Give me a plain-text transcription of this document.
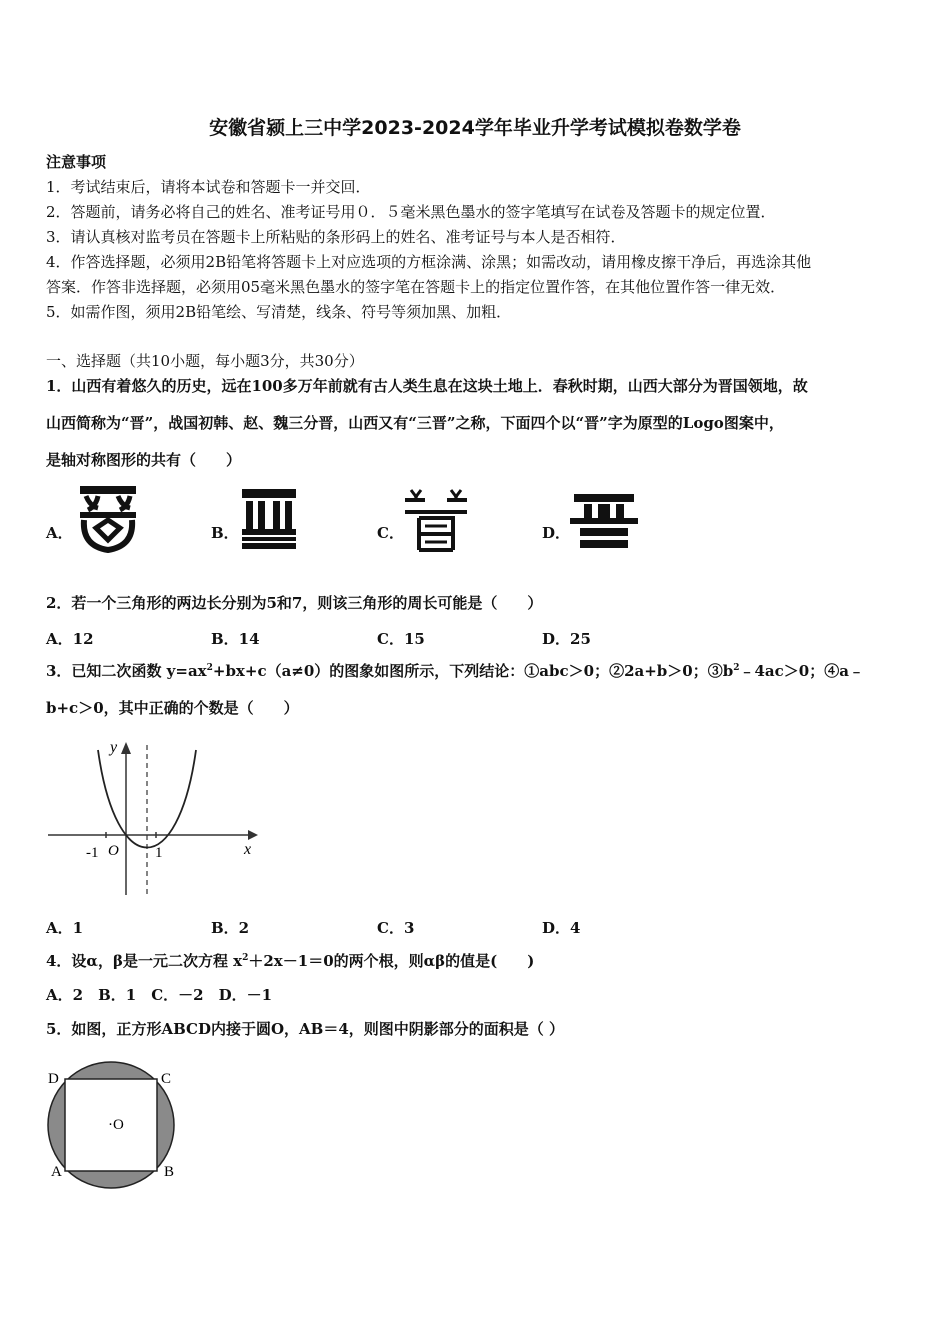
安徽省颍上三中学2023-2024学年毕业升学考试模拟卷数学卷
注意事项
1．考试结束后，请将本试卷和答题卡一并交回．
2．答题前，请务必将自己的姓名、准考证号用０．５毫米黑色墨水的签字笔填写在试卷及答题卡的规定位置．
3．请认真核对监考员在答题卡上所粘贴的条形码上的姓名、准考证号与本人是否相符．
4．作答选择题，必须用2B铅笔将答题卡上对应选项的方框涂满、涂黑；如需改动，请用橡皮擦干净后，再选涂其他
答案．作答非选择题，必须用05毫米黑色墨水的签字笔在答题卡上的指定位置作答，在其他位置作答一律无效．
5．如需作图，须用2B铅笔绘、写清楚，线条、符号等须加黑、加粗．
一、选择题（共10小题，每小题3分，共30分）
1．山西有着悠久的历史，远在100多万年前就有古人类生息在这块土地上．春秋时期，山西大部分为晋国领地，故
山西简称为“晋”，战国初韩、赵、魏三分晋，山西又有“三晋”之称，下面四个以“晋”字为原型的Logo图案中，
是轴对称图形的共有（　　）
A．	B．	C．	D．
2．若一个三角形的两边长分别为5和7，则该三角形的周长可能是（　　）
A．12	B．14	C．15	D．25
3．已知二次函数 $y=ax^2+bx+c(a\ne 0)$的图象如图所示，下列结论：①abc＞0；②2a+b＞0；$③b^2﹣4ac>0$；④a﹣
b+c＞0，其中正确的个数是（　　）
y
x
O
-1	1
A．1	B．2	C．3	D．4
4．设α，β是一元二次方程 $x^2+2x-1=0$的两个根，则αβ的值是(　　)
A．2　B．1　C．－2　D．－1
5．如图，正方形ABCD内接于圆O，AB＝4，则图中阴影部分的面积是（ ）
D	C
A	B
·O
